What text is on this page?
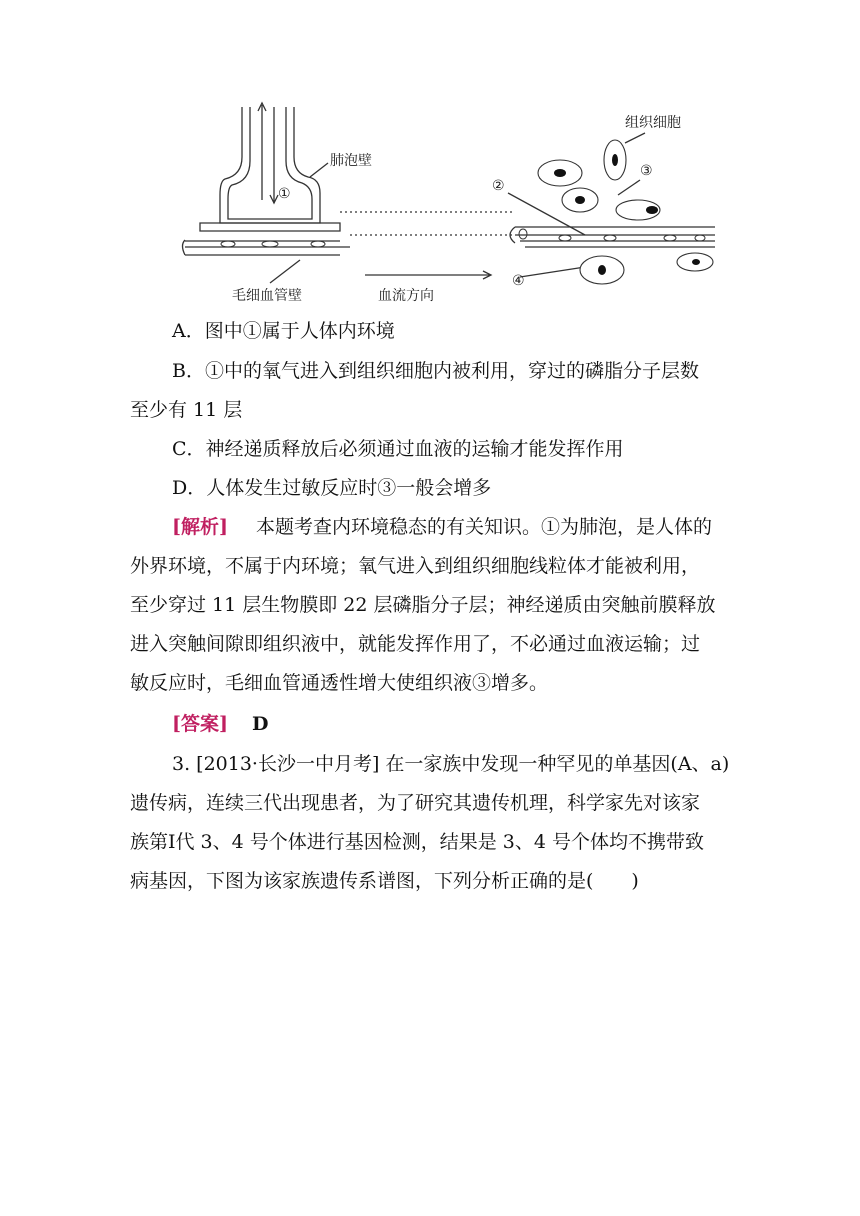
①
肺泡壁
组织细胞
③
②
④
毛细血管壁	血流方向
A．图中①属于人体内环境
B．①中的氧气进入到组织细胞内被利用，穿过的磷脂分子层数
至少有 11 层
C．神经递质释放后必须通过血液的运输才能发挥作用
D．人体发生过敏反应时③一般会增多
[解析] 本题考查内环境稳态的有关知识。①为肺泡，是人体的
外界环境，不属于内环境；氧气进入到组织细胞线粒体才能被利用，
至少穿过 11 层生物膜即 22 层磷脂分子层；神经递质由突触前膜释放
进入突触间隙即组织液中，就能发挥作用了，不必通过血液运输；过
敏反应时，毛细血管通透性增大使组织液③增多。
[答案] D
3. [2013·长沙一中月考] 在一家族中发现一种罕见的单基因(A、a)
遗传病，连续三代出现患者，为了研究其遗传机理，科学家先对该家
族第Ⅰ代 3、4 号个体进行基因检测，结果是 3、4 号个体均不携带致
病基因，下图为该家族遗传系谱图，下列分析正确的是(　　)
